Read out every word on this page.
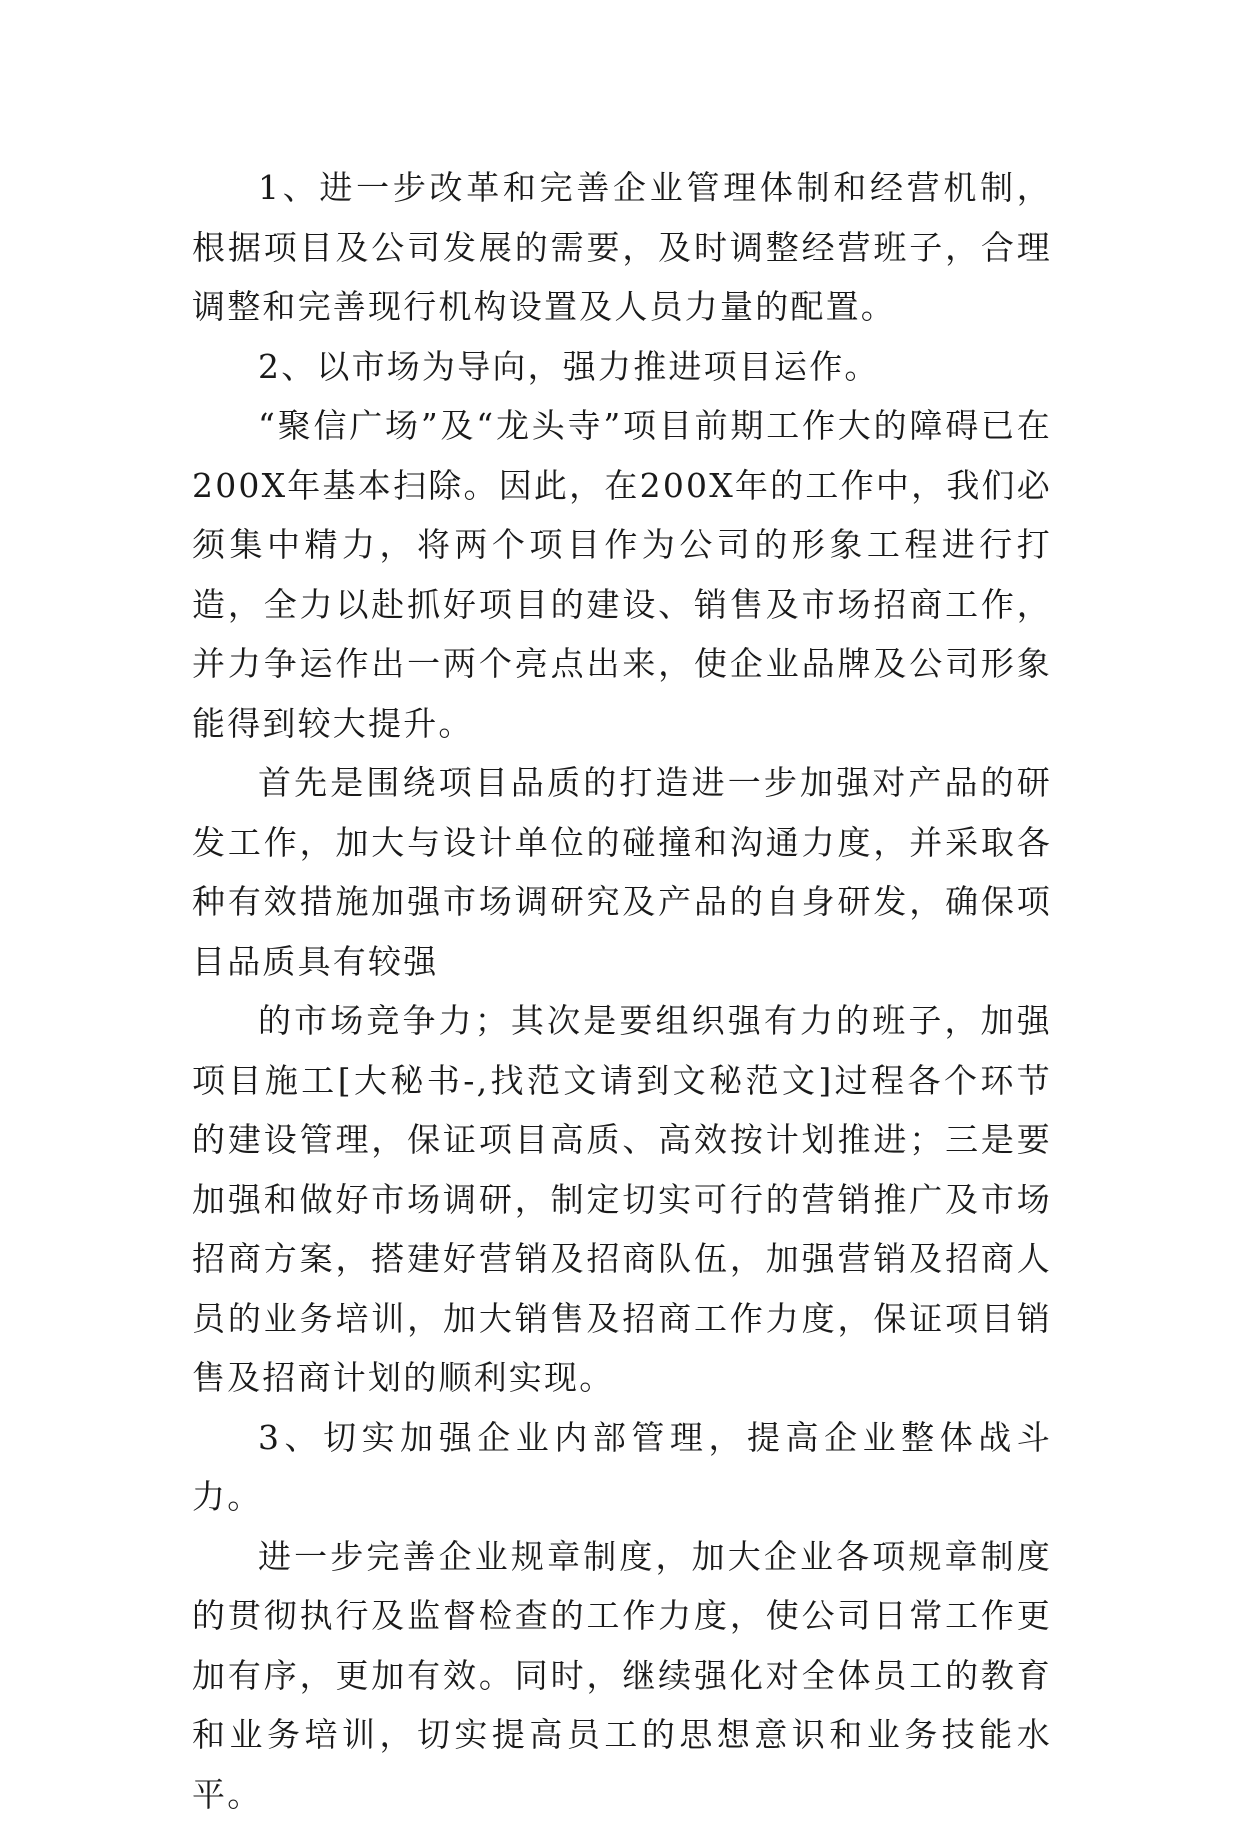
1、进一步改革和完善企业管理体制和经营机制，根据项目及公司发展的需要，及时调整经营班子，合理调整和完善现行机构设置及人员力量的配置。

2、以市场为导向，强力推进项目运作。

“聚信广场”及“龙头寺”项目前期工作大的障碍已在200X年基本扫除。因此，在200X年的工作中，我们必须集中精力，将两个项目作为公司的形象工程进行打造，全力以赴抓好项目的建设、销售及市场招商工作，并力争运作出一两个亮点出来，使企业品牌及公司形象能得到较大提升。

首先是围绕项目品质的打造进一步加强对产品的研发工作，加大与设计单位的碰撞和沟通力度，并采取各种有效措施加强市场调研究及产品的自身研发，确保项目品质具有较强

的市场竞争力；其次是要组织强有力的班子，加强项目施工[大秘书-,找范文请到文秘范文]过程各个环节的建设管理，保证项目高质、高效按计划推进；三是要加强和做好市场调研，制定切实可行的营销推广及市场招商方案，搭建好营销及招商队伍，加强营销及招商人员的业务培训，加大销售及招商工作力度，保证项目销售及招商计划的顺利实现。

3、切实加强企业内部管理，提高企业整体战斗力。

进一步完善企业规章制度，加大企业各项规章制度的贯彻执行及监督检查的工作力度，使公司日常工作更加有序，更加有效。同时，继续强化对全体员工的教育和业务培训，切实提高员工的思想意识和业务技能水平。
